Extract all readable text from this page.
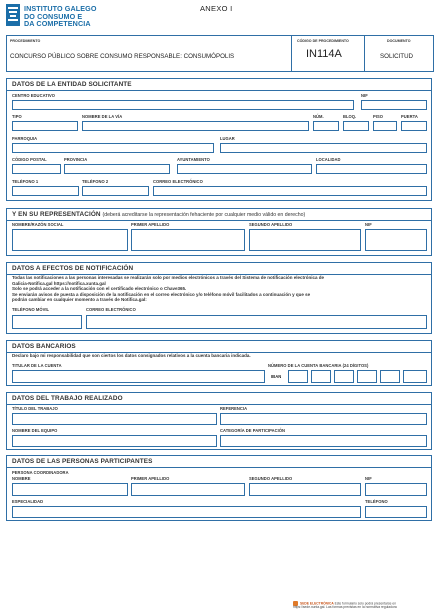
INSTITUTO GALEGO
DO CONSUMO E
DA COMPETENCIA
ANEXO I
PROCEDIMIENTO
CONCURSO PÚBLICO SOBRE CONSUMO RESPONSABLE: CONSUMÓPOLIS
CÓDIGO DE PROCEDIMIENTO
IN114A
DOCUMENTO
SOLICITUD
DATOS DE LA ENTIDAD SOLICITANTE
CENTRO EDUCATIVO	NIF
TIPO	NOMBRE DE LA VÍA	NÚM.	BLOQ.	PISO	PUERTA
PARROQUIA	LUGAR
CÓDIGO POSTAL	PROVINCIA	AYUNTAMIENTO	LOCALIDAD
TELÉFONO 1	TELÉFONO 2	CORREO ELECTRÓNICO
Y EN SU REPRESENTACIÓN (deberá acreditarse la representación fehaciente por cualquier medio válido en derecho)
NOMBRE/RAZÓN SOCIAL	PRIMER APELLIDO	SEGUNDO APELLIDO	NIF
DATOS A EFECTOS DE NOTIFICACIÓN
Todas las notificaciones a las personas interesadas se realizarán solo por medios electrónicos a través del Sistema de notificación electrónica de
Galicia-Notifica.gal https://notifica.xunta.gal
Solo se podrá acceder a la notificación con el certificado electrónico o Chave365.
Se enviarán avisos de puesta a disposición de la notificación en el correo electrónico y/o teléfono móvil facilitados a continuación y que se
podrán cambiar en cualquier momento a través de Notifica.gal:
TELÉFONO MÓVIL	CORREO ELECTRÓNICO
DATOS BANCARIOS
Declaro bajo mi responsabilidad que son ciertos los datos consignados relativos a la cuenta bancaria indicada.
TITULAR DE LA CUENTA	NÚMERO DE LA CUENTA BANCARIA (24 DÍGITOS)
IBAN
DATOS DEL TRABAJO REALIZADO
TÍTULO DEL TRABAJO	REFERENCIA
NOMBRE DEL EQUIPO	CATEGORÍA DE PARTICIPACIÓN
DATOS DE LAS PERSONAS PARTICIPANTES
PERSONA COORDINADORA
NOMBRE	PRIMER APELLIDO	SEGUNDO APELLIDO	NIF
ESPECIALIDAD	TELÉFONO
SEDE ELECTRÓNICA Este formulario solo podrá presentarse en
https://sede.xunta.gal. Las formas previstas en la normativa reguladora
